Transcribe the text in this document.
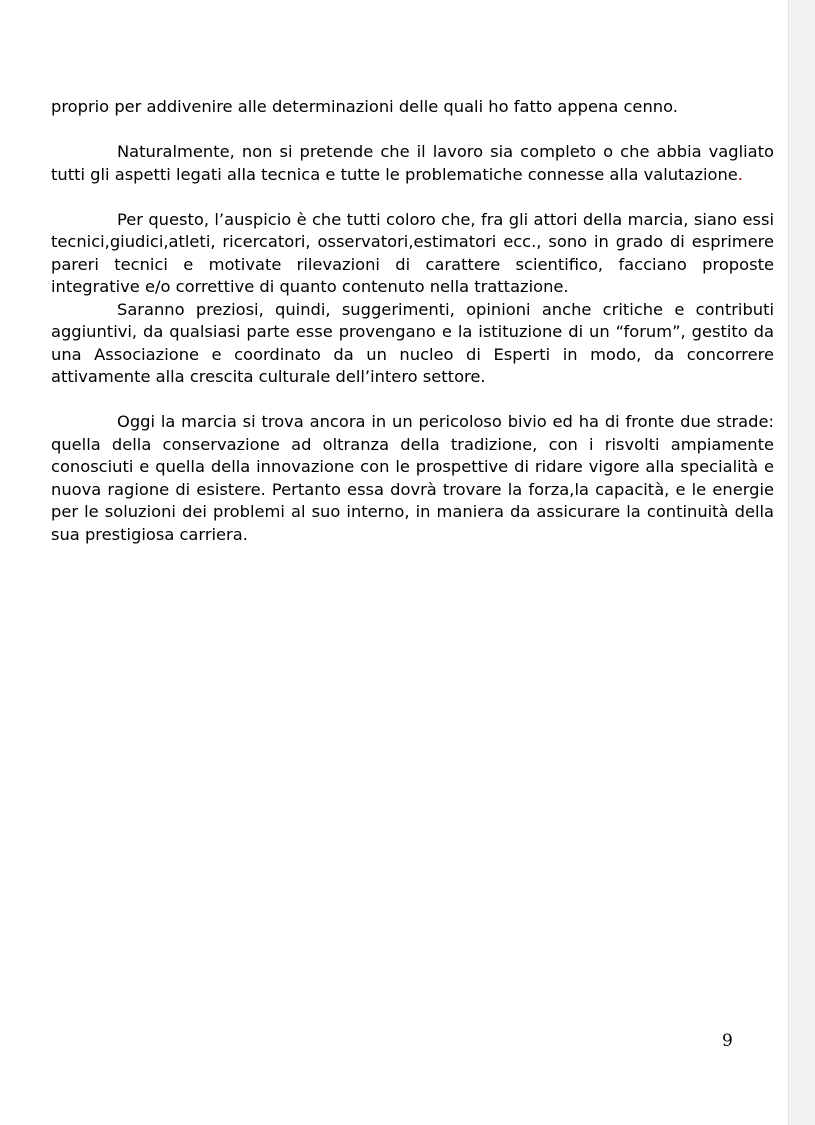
proprio per addivenire alle determinazioni delle quali ho fatto appena cenno.

Naturalmente, non si pretende che il lavoro sia completo o che abbia vagliato tutti gli aspetti legati alla tecnica e tutte le problematiche connesse alla valutazione.

Per questo, l’auspicio è che tutti coloro che, fra gli attori della marcia, siano essi tecnici,giudici,atleti, ricercatori, osservatori,estimatori ecc., sono in grado di esprimere pareri tecnici e motivate rilevazioni di carattere scientifico, facciano proposte integrative e/o correttive di quanto contenuto nella trattazione.

Saranno preziosi, quindi, suggerimenti, opinioni anche critiche e contributi aggiuntivi, da qualsiasi parte esse provengano e la istituzione di un “forum”, gestito da una Associazione e coordinato da un nucleo di Esperti in modo, da concorrere attivamente alla crescita culturale dell’intero settore.

Oggi la marcia si trova ancora in un pericoloso bivio ed ha di fronte due strade: quella della conservazione ad oltranza della tradizione, con i risvolti ampiamente conosciuti e quella della innovazione con le prospettive di ridare vigore alla specialità e nuova ragione di esistere. Pertanto essa dovrà trovare la forza,la capacità, e le energie per le soluzioni dei problemi al suo interno, in maniera da assicurare la continuità della sua prestigiosa carriera.

9
